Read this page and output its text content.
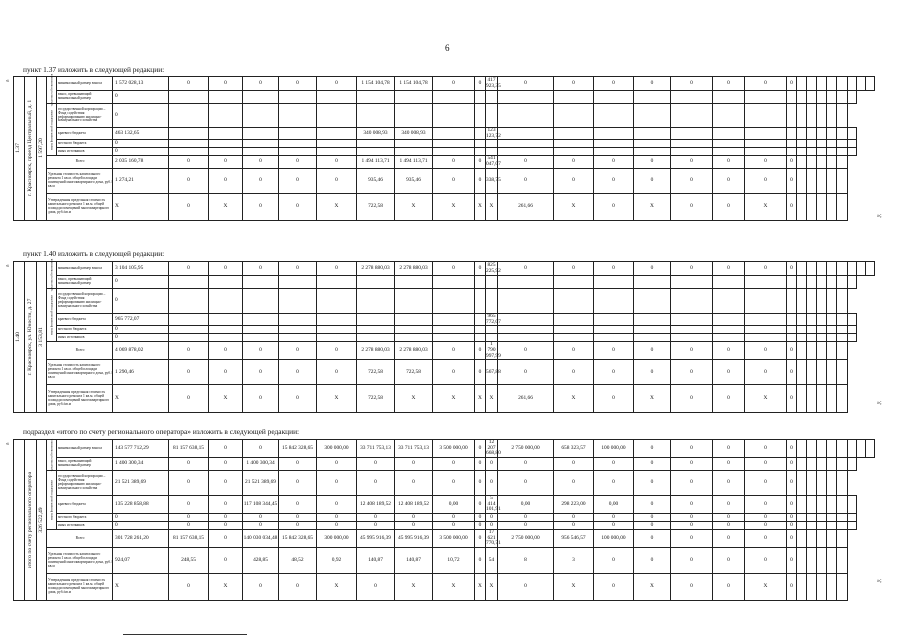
6
пункт 1.37 изложить в следующей редакции:
«
»;
1.37	г. Красноярск, проезд Центральный, д. 1	1 597,20	средства собственников	минимальный размер взноса	1 572 028,13	0	0	0	0	0	1 154 104,78	1 154 104,78	0	0	417 923,35	0	0	0	0	0	0	0	0								
				взнос, превышающий минимальный размер	0																										

			меры финансовой поддержки	государственной корпорации – Фонд содействия реформированию жилищно-коммунального хозяйства	0																										
				краевого бюджета	463 132,65						340 008,93	340 008,93			123 123,72																
				местного бюджета	0																										
				иных источников	0																										
			Всего		2 035 160,78	0	0	0	0	0	1 494 113,71	1 494 113,71	0	0	541 047,07	0	0	0	0	0	0	0	0								
			Удельная стоимость капитального ремонта 1 кв.м. общей площади помещений многоквартирного дома, руб./кв.м		1 274,21	0	0	0	0	0	935,46	935,46	0	0	338,75	0	0	0	0	0	0	0	0								
			Утвержденная предельная стоимость капитального ремонта 1 кв.м. общей площади помещений многоквартирного дома, руб./кв.м		X	0	X	0	0	X	722,58	X	X	X	X	261,66	X	0	X	0	0	X	0								
пункт 1.40 изложить в следующей редакции:
«
»;
1.40	г. Красноярск, ул. Юности, д. 27	3 153,81	средства собственников	минимальный размер взноса	3 104 105,95	0	0	0	0	0	2 278 880,03	2 278 880,03	0	0	825 225,92	0	0	0	0	0	0	0	0								
				взнос, превышающий минимальный размер	0																										

			меры финансовой поддержки	государственной корпорации – Фонд содействия реформированию жилищно-коммунального хозяйства	0																										
				краевого бюджета	965 772,07										965 772,07																
				местного бюджета	0																										
				иных источников	0																										
			Всего		4 069 878,02	0	0	0	0	0	2 278 880,03	2 278 880,03	0	0	1 790 997,99	0	0	0	0	0	0	0	0								
			Удельная стоимость капитального ремонта 1 кв.м. общей площади помещений многоквартирного дома, руб./кв.м		1 290,46	0	0	0	0	0	722,58	722,58	0	0	567,88	0	0	0	0	0	0	0	0								
			Утвержденная предельная стоимость капитального ремонта 1 кв.м. общей площади помещений многоквартирного дома, руб./кв.м		X	0	X	0	0	X	722,58	X	X	X	X	261,66	X	0	X	0	0	X	0								
подраздел «итого по счету регионального оператора» изложить в следующей редакции:
«
»;

	итого по счету регионального оператора	326 522,49	средства собственников	минимальный размер взноса	143 577 712,29	81 157 638,15	0	0	15 842 328,65	300 000,00	33 711 753,13	33 711 753,13	3 500 000,00	0	12 207 668,80	2 750 000,00	658 323,57	100 000,00	0	0	0	0	0								
				взнос, превышающий минимальный размер	1 400 300,34	0	0	1 400 300,34	0	0	0	0	0	0	0	0	0	0	0	0	0	0	0								

			меры финансовой поддержки	государственной корпорации – Фонд содействия реформированию жилищно-коммунального хозяйства	21 521 389,69	0	0	21 521 389,69	0	0	0	0	0	0	0	0	0	0	0	0	0	0	0								
				краевого бюджета	135 228 858,88	0	0	117 108 344,45	0	0	12 408 189,52	12 408 189,52	0,00	0	5 414 101,91	0,00	298 223,00	0,00	0	0	0	0	0								
				местного бюджета	0	0	0	0	0	0	0	0	0	0	0	0	0	0	0	0	0	0	0								
				иных источников	0	0	0	0	0	0	0	0	0	0	0	0	0	0	0	0	0	0	0								
			Всего		301 728 261,20	81 157 638,15	0	140 030 034,48	15 842 328,65	300 000,00	45 995 916,39	45 995 916,39	3 500 000,00	0	17 621 770,71	2 750 000,00	956 546,57	100 000,00	0	0	0	0	0								
			Удельная стоимость капитального ремонта 1 кв.м. общей площади помещений многоквартирного дома, руб./кв.м		924,07	248,55	0	428,85	48,52	0,92	140,87	140,87	10,72	0	54	8	3	0	0	0	0	0	0								
			Утвержденная предельная стоимость капитального ремонта 1 кв.м. общей площади помещений многоквартирного дома, руб./кв.м		X	0	X	0	0	X	0	X	X	X	X	0	X	0	X	0	0	X	0								
